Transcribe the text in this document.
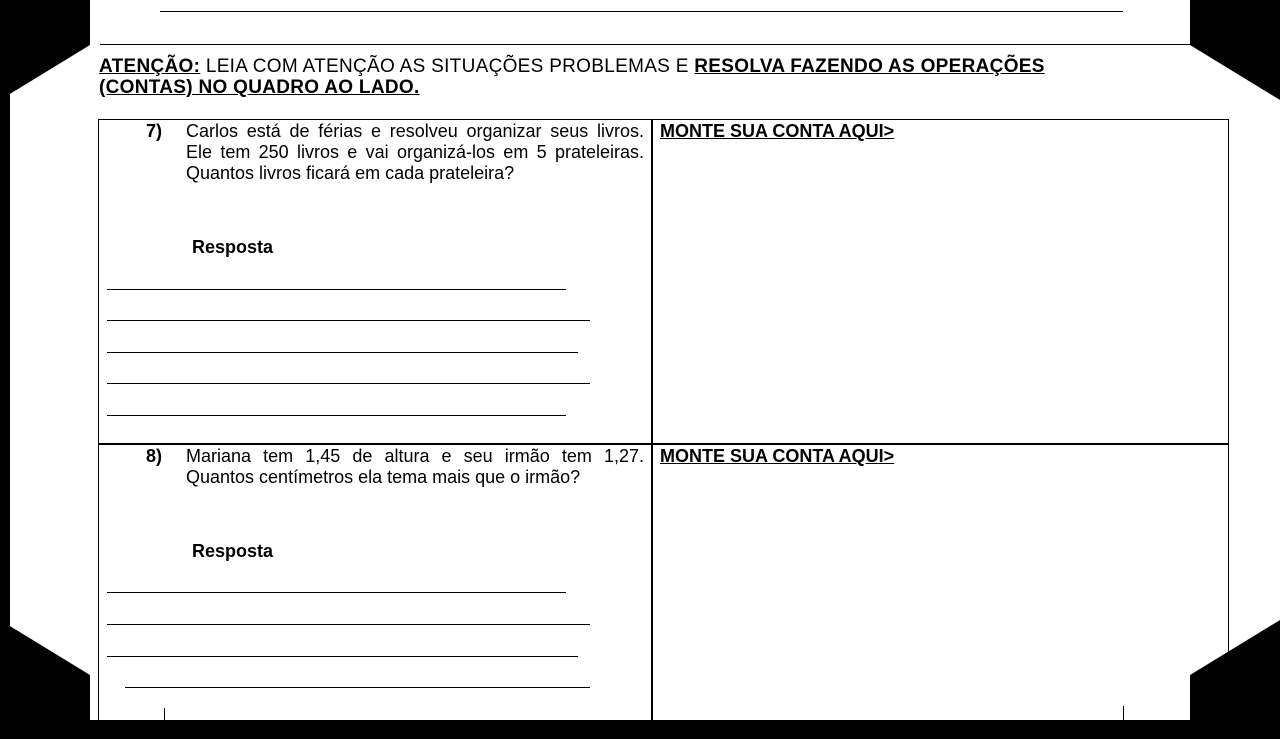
ATENÇÃO: LEIA COM ATENÇÃO AS SITUAÇÕES PROBLEMAS E RESOLVA FAZENDO AS OPERAÇÕES
(CONTAS) NO QUADRO AO LADO.
7) Carlos está de férias e resolveu organizar seus livros. Ele tem 250 livros e vai organizá-los em 5 prateleiras. Quantos livros ficará em cada prateleira?
Resposta
MONTE SUA CONTA AQUI>
8) Mariana tem 1,45 de altura e seu irmão tem 1,27. Quantos centímetros ela tema mais que o irmão?
Resposta
MONTE SUA CONTA AQUI>
